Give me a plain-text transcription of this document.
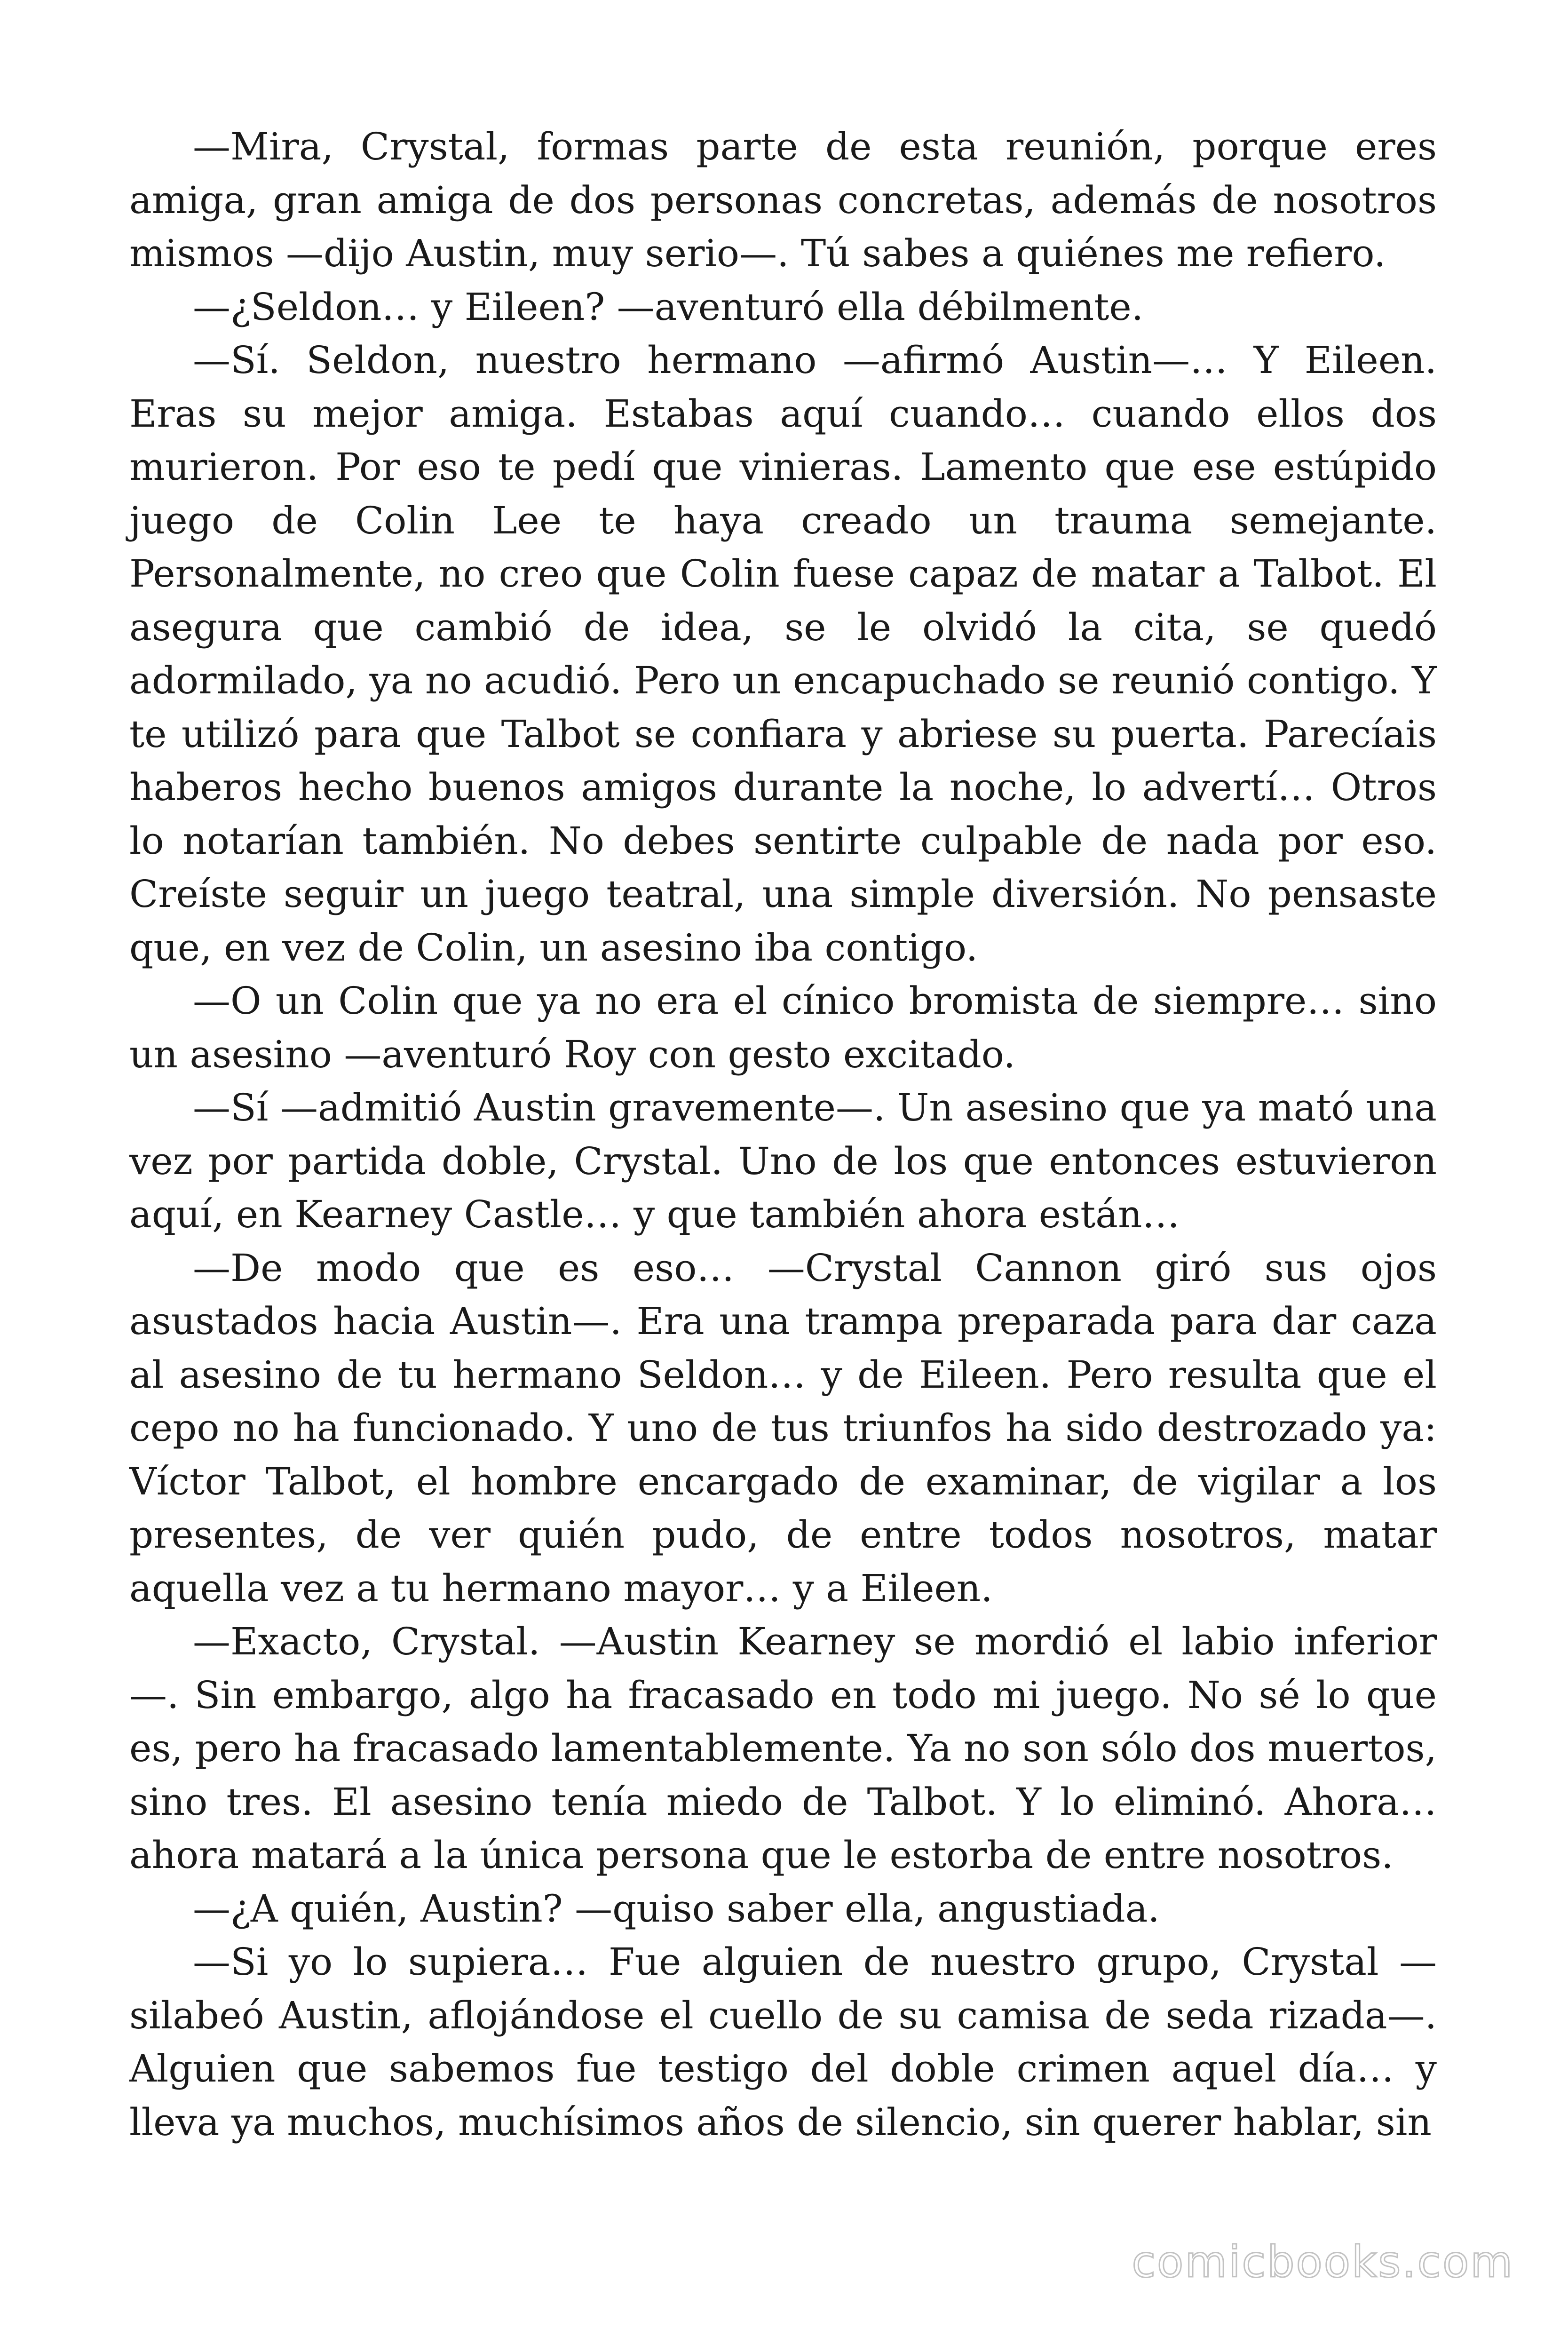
—Mira, Crystal, formas parte de esta reunión, porque eres amiga, gran amiga de dos personas concretas, además de nosotros mismos —dijo Austin, muy serio—. Tú sabes a quiénes me refiero.

—¿Seldon… y Eileen? —aventuró ella débilmente.

—Sí. Seldon, nuestro hermano —afirmó Austin—… Y Eileen. Eras su mejor amiga. Estabas aquí cuando… cuando ellos dos murieron. Por eso te pedí que vinieras. Lamento que ese estúpido juego de Colin Lee te haya creado un trauma semejante. Personalmente, no creo que Colin fuese capaz de matar a Talbot. El asegura que cambió de idea, se le olvidó la cita, se quedó adormilado, ya no acudió. Pero un encapuchado se reunió contigo. Y te utilizó para que Talbot se confiara y abriese su puerta. Parecíais haberos hecho buenos amigos durante la noche, lo advertí… Otros lo notarían también. No debes sentirte culpable de nada por eso. Creíste seguir un juego teatral, una simple diversión. No pensaste que, en vez de Colin, un asesino iba contigo.

—O un Colin que ya no era el cínico bromista de siempre… sino un asesino —aventuró Roy con gesto excitado.

—Sí —admitió Austin gravemente—. Un asesino que ya mató una vez por partida doble, Crystal. Uno de los que entonces estuvieron aquí, en Kearney Castle… y que también ahora están…

—De modo que es eso… —Crystal Cannon giró sus ojos asustados hacia Austin—. Era una trampa preparada para dar caza al asesino de tu hermano Seldon… y de Eileen. Pero resulta que el cepo no ha funcionado. Y uno de tus triunfos ha sido destrozado ya: Víctor Talbot, el hombre encargado de examinar, de vigilar a los presentes, de ver quién pudo, de entre todos nosotros, matar aquella vez a tu hermano mayor… y a Eileen.

—Exacto, Crystal. —Austin Kearney se mordió el labio inferior —. Sin embargo, algo ha fracasado en todo mi juego. No sé lo que es, pero ha fracasado lamentablemente. Ya no son sólo dos muertos, sino tres. El asesino tenía miedo de Talbot. Y lo eliminó. Ahora… ahora matará a la única persona que le estorba de entre nosotros.

—¿A quién, Austin? —quiso saber ella, angustiada.

—Si yo lo supiera… Fue alguien de nuestro grupo, Crystal — silabeó Austin, aflojándose el cuello de su camisa de seda rizada—. Alguien que sabemos fue testigo del doble crimen aquel día… y lleva ya muchos, muchísimos años de silencio, sin querer hablar, sin

comicbooks.com
